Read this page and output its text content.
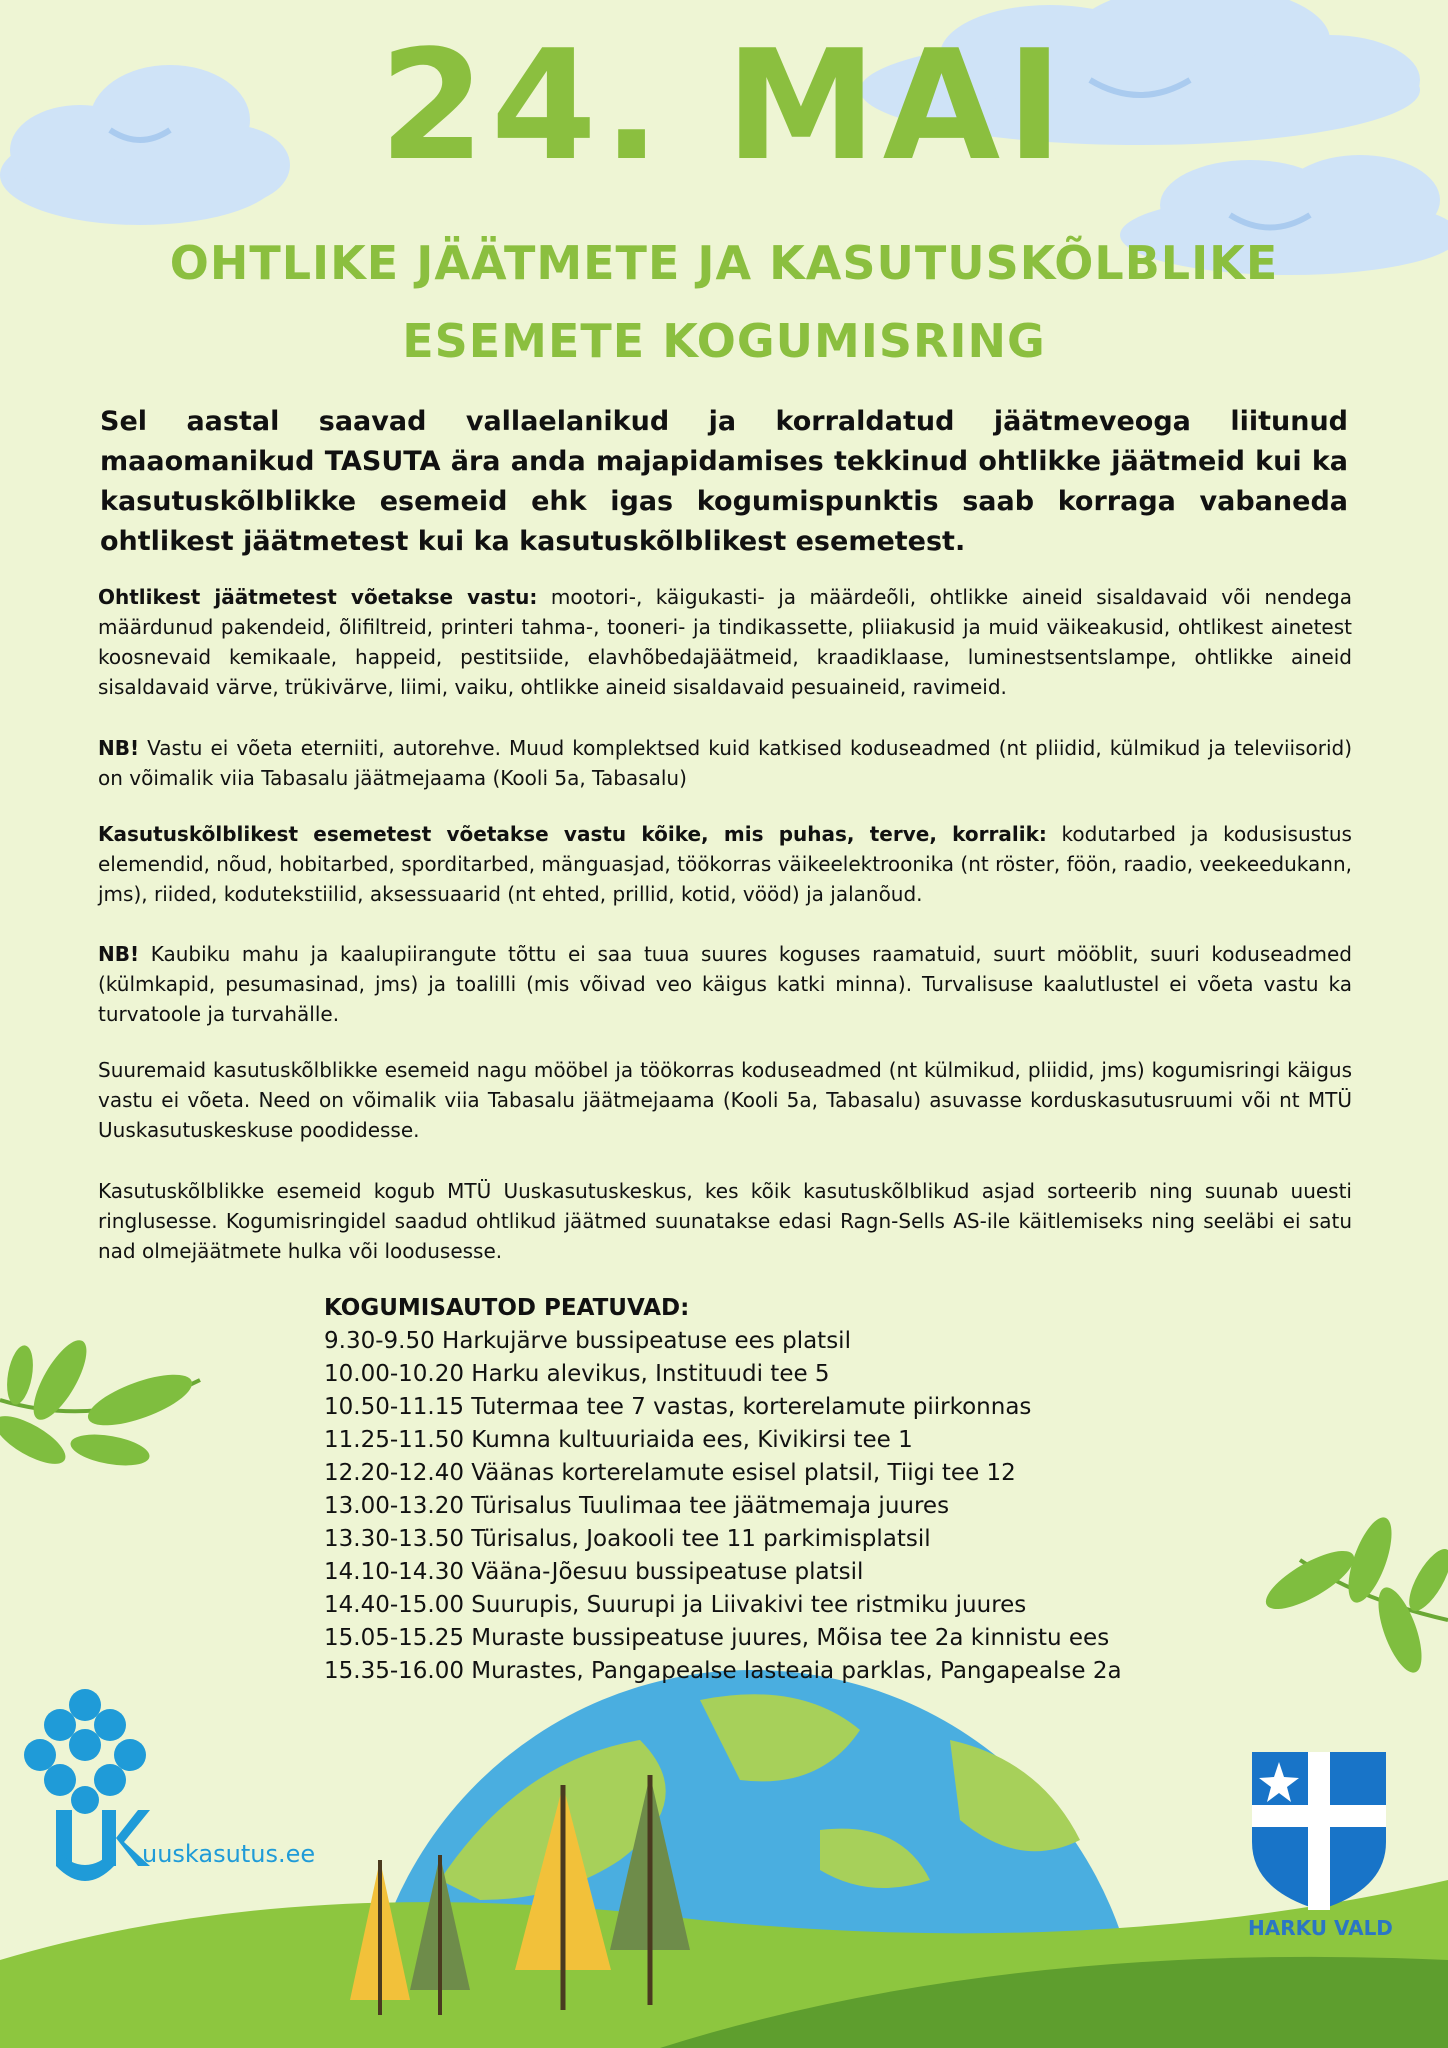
24. MAI
OHTLIKE JÄÄTMETE JA KASUTUSKÕLBLIKE
ESEMETE KOGUMISRING
Sel aastal saavad vallaelanikud ja korraldatud jäätmeveoga liitunud maaomanikud TASUTA ära anda majapidamises tekkinud ohtlikke jäätmeid kui ka kasutuskõlblikke esemeid ehk igas kogumispunktis saab korraga vabaneda ohtlikest jäätmetest kui ka kasutuskõlblikest esemetest.
Ohtlikest jäätmetest võetakse vastu: mootori-, käigukasti- ja määrdeõli, ohtlikke aineid sisaldavaid või nendega määrdunud pakendeid, õlifiltreid, printeri tahma-, tooneri- ja tindikassette, pliiakusid ja muid väikeakusid, ohtlikest ainetest koosnevaid kemikaale, happeid, pestitsiide, elavhõbedajäätmeid, kraadiklaase, luminestsentslampe, ohtlikke aineid sisaldavaid värve, trükivärve, liimi, vaiku, ohtlikke aineid sisaldavaid pesuaineid, ravimeid.
NB! Vastu ei võeta eterniiti, autorehve. Muud komplektsed kuid katkised koduseadmed (nt pliidid, külmikud ja televiisorid) on võimalik viia Tabasalu jäätmejaama (Kooli 5a, Tabasalu)
Kasutuskõlblikest esemetest võetakse vastu kõike, mis puhas, terve, korralik: kodutarbed ja kodusisustus elemendid, nõud, hobitarbed, sporditarbed, mänguasjad, töökorras väikeelektroonika (nt röster, föön, raadio, veekeedukann, jms), riided, kodutekstiilid, aksessuaarid (nt ehted, prillid, kotid, vööd) ja jalanõud.
NB! Kaubiku mahu ja kaalupiirangute tõttu ei saa tuua suures koguses raamatuid, suurt mööblit, suuri koduseadmed (külmkapid, pesumasinad, jms) ja toalilli (mis võivad veo käigus katki minna). Turvalisuse kaalutlustel ei võeta vastu ka turvatoole ja turvahälle.
Suuremaid kasutuskõlblikke esemeid nagu mööbel ja töökorras koduseadmed (nt külmikud, pliidid, jms) kogumisringi käigus vastu ei võeta. Need on võimalik viia Tabasalu jäätmejaama (Kooli 5a, Tabasalu) asuvasse korduskasutusruumi või nt MTÜ Uuskasutuskeskuse poodidesse.
Kasutuskõlblikke esemeid kogub MTÜ Uuskasutuskeskus, kes kõik kasutuskõlblikud asjad sorteerib ning suunab uuesti ringlusesse. Kogumisringidel saadud ohtlikud jäätmed suunatakse edasi Ragn-Sells AS-ile käitlemiseks ning seeläbi ei satu nad olmejäätmete hulka või loodusesse.
KOGUMISAUTOD PEATUVAD:
9.30-9.50 Harkujärve bussipeatuse ees platsil
10.00-10.20 Harku alevikus, Instituudi tee 5
10.50-11.15 Tutermaa tee 7 vastas, korterelamute piirkonnas
11.25-11.50 Kumna kultuuriaida ees, Kivikirsi tee 1
12.20-12.40 Väänas korterelamute esisel platsil, Tiigi tee 12
13.00-13.20 Türisalus Tuulimaa tee jäätmemaja juures
13.30-13.50 Türisalus, Joakooli tee 11 parkimisplatsil
14.10-14.30 Vääna-Jõesuu bussipeatuse platsil
14.40-15.00 Suurupis, Suurupi ja Liivakivi tee ristmiku juures
15.05-15.25 Muraste bussipeatuse juures, Mõisa tee 2a kinnistu ees
15.35-16.00 Murastes, Pangapealse lasteaia parklas, Pangapealse 2a
uuskasutus.ee
HARKU VALD
